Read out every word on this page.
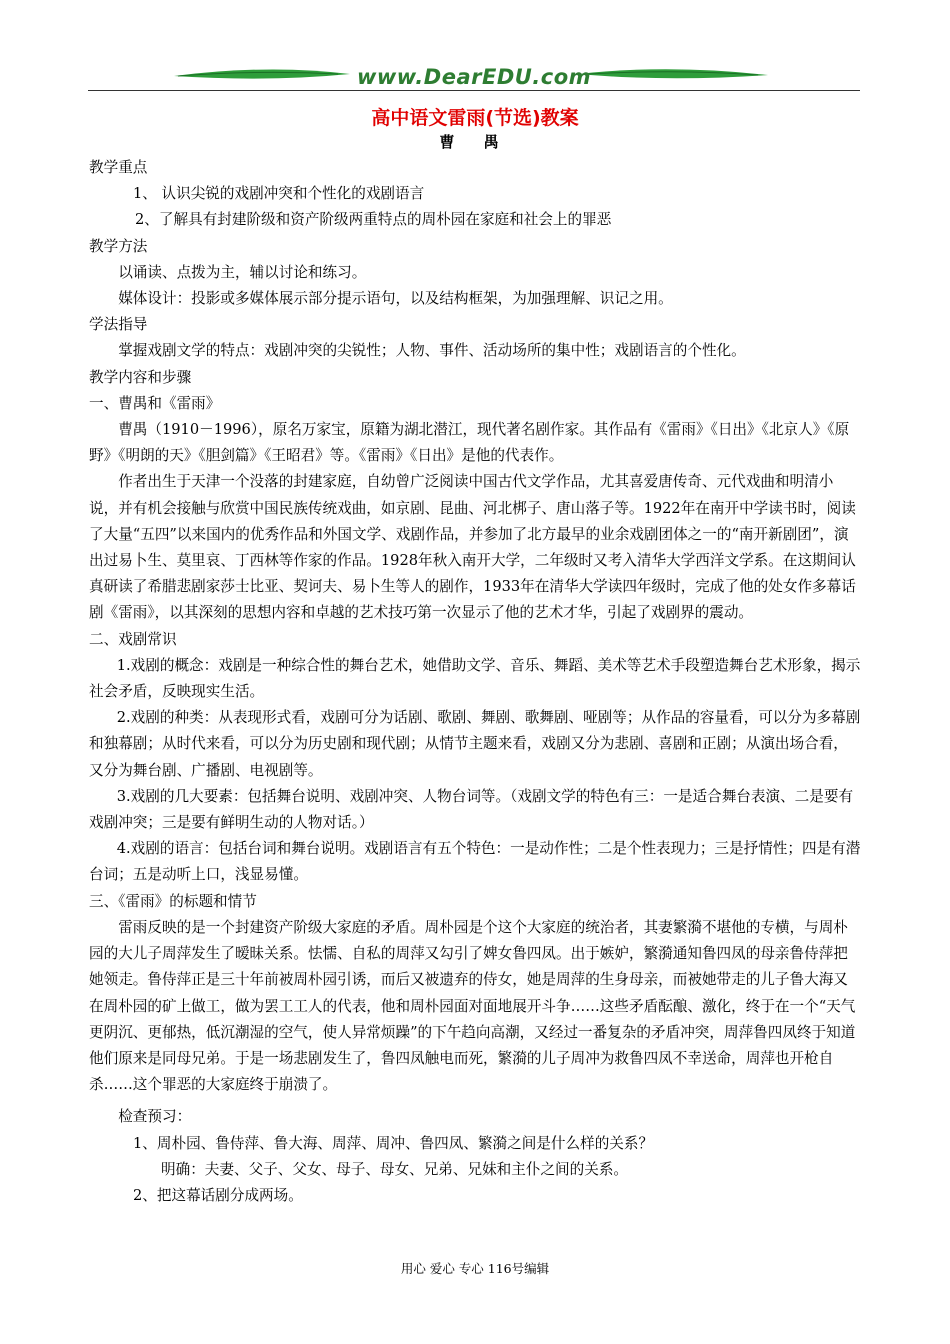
www.DearEDU.com
高中语文雷雨(节选)教案
曹 禺

教学重点

1、 认识尖锐的戏剧冲突和个性化的戏剧语言

2、了解具有封建阶级和资产阶级两重特点的周朴园在家庭和社会上的罪恶

教学方法

以诵读、点拨为主，辅以讨论和练习。

媒体设计：投影或多媒体展示部分提示语句，以及结构框架，为加强理解、识记之用。

学法指导

掌握戏剧文学的特点：戏剧冲突的尖锐性；人物、事件、活动场所的集中性；戏剧语言的个性化。

教学内容和步骤

一、曹禺和《雷雨》

曹禺（1910－1996），原名万家宝，原籍为湖北潜江，现代著名剧作家。其作品有《雷雨》《日出》《北京人》《原野》《明朗的天》《胆剑篇》《王昭君》等。《雷雨》《日出》是他的代表作。

作者出生于天津一个没落的封建家庭，自幼曾广泛阅读中国古代文学作品，尤其喜爱唐传奇、元代戏曲和明清小说，并有机会接触与欣赏中国民族传统戏曲，如京剧、昆曲、河北梆子、唐山落子等。1922年在南开中学读书时，阅读了大量“五四”以来国内的优秀作品和外国文学、戏剧作品，并参加了北方最早的业余戏剧团体之一的“南开新剧团”，演出过易卜生、莫里哀、丁西林等作家的作品。1928年秋入南开大学，二年级时又考入清华大学西洋文学系。在这期间认真研读了希腊悲剧家莎士比亚、契诃夫、易卜生等人的剧作，1933年在清华大学读四年级时，完成了他的处女作多幕话剧《雷雨》，以其深刻的思想内容和卓越的艺术技巧第一次显示了他的艺术才华，引起了戏剧界的震动。

二、戏剧常识

1.戏剧的概念：戏剧是一种综合性的舞台艺术，她借助文学、音乐、舞蹈、美术等艺术手段塑造舞台艺术形象，揭示社会矛盾，反映现实生活。

2.戏剧的种类：从表现形式看，戏剧可分为话剧、歌剧、舞剧、歌舞剧、哑剧等；从作品的容量看，可以分为多幕剧和独幕剧；从时代来看，可以分为历史剧和现代剧；从情节主题来看，戏剧又分为悲剧、喜剧和正剧；从演出场合看，又分为舞台剧、广播剧、电视剧等。

3.戏剧的几大要素：包括舞台说明、戏剧冲突、人物台词等。（戏剧文学的特色有三：一是适合舞台表演、二是要有戏剧冲突；三是要有鲜明生动的人物对话。）

4.戏剧的语言：包括台词和舞台说明。戏剧语言有五个特色：一是动作性；二是个性表现力；三是抒情性；四是有潜台词；五是动听上口，浅显易懂。

三、《雷雨》的标题和情节

雷雨反映的是一个封建资产阶级大家庭的矛盾。周朴园是个这个大家庭的统治者，其妻繁漪不堪他的专横，与周朴园的大儿子周萍发生了暧昧关系。怯懦、自私的周萍又勾引了婢女鲁四凤。出于嫉妒，繁漪通知鲁四凤的母亲鲁侍萍把她领走。鲁侍萍正是三十年前被周朴园引诱，而后又被遗弃的侍女，她是周萍的生身母亲，而被她带走的儿子鲁大海又在周朴园的矿上做工，做为罢工工人的代表，他和周朴园面对面地展开斗争……这些矛盾酝酿、激化，终于在一个“天气更阴沉、更郁热，低沉潮湿的空气，使人异常烦躁”的下午趋向高潮，又经过一番复杂的矛盾冲突，周萍鲁四凤终于知道他们原来是同母兄弟。于是一场悲剧发生了，鲁四凤触电而死，繁漪的儿子周冲为救鲁四凤不幸送命，周萍也开枪自杀……这个罪恶的大家庭终于崩溃了。

检查预习：

1、周朴园、鲁侍萍、鲁大海、周萍、周冲、鲁四凤、繁漪之间是什么样的关系？

明确：夫妻、父子、父女、母子、母女、兄弟、兄妹和主仆之间的关系。

2、把这幕话剧分成两场。

用心 爱心 专心 116号编辑
